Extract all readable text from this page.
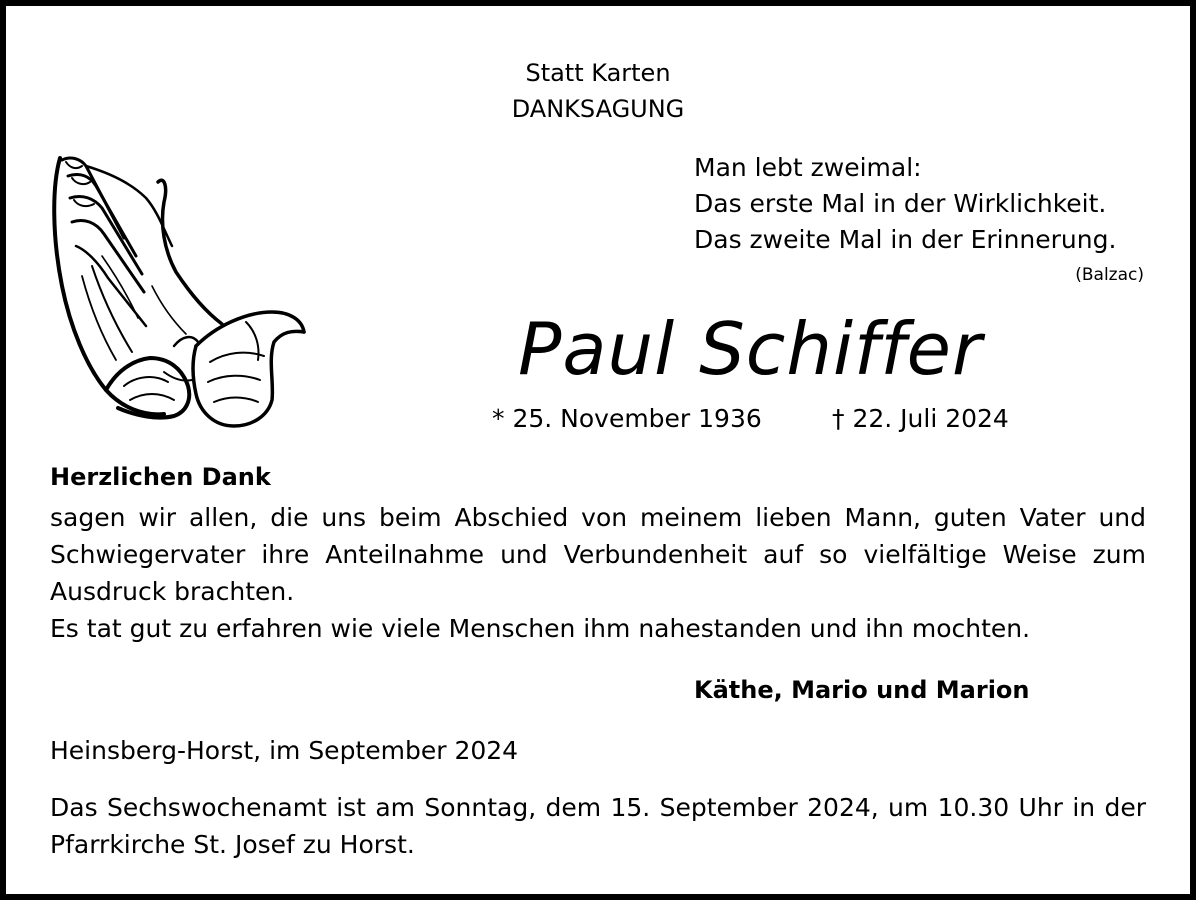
Statt Karten
DANKSAGUNG
Man lebt zweimal:
Das erste Mal in der Wirklichkeit.
Das zweite Mal in der Erinnerung.
(Balzac)
Paul Schiffer
* 25. November 1936	† 22. Juli 2024
Herzlichen Dank

sagen wir allen, die uns beim Abschied von meinem lieben Mann, guten Vater und Schwiegervater ihre Anteilnahme und Verbundenheit auf so vielfältige Weise zum Ausdruck brachten.

Es tat gut zu erfahren wie viele Menschen ihm nahestanden und ihn mochten.

Käthe, Mario und Marion
Heinsberg-Horst, im September 2024

Das Sechswochenamt ist am Sonntag, dem 15. September 2024, um 10.30 Uhr in der Pfarrkirche St. Josef zu Horst.
